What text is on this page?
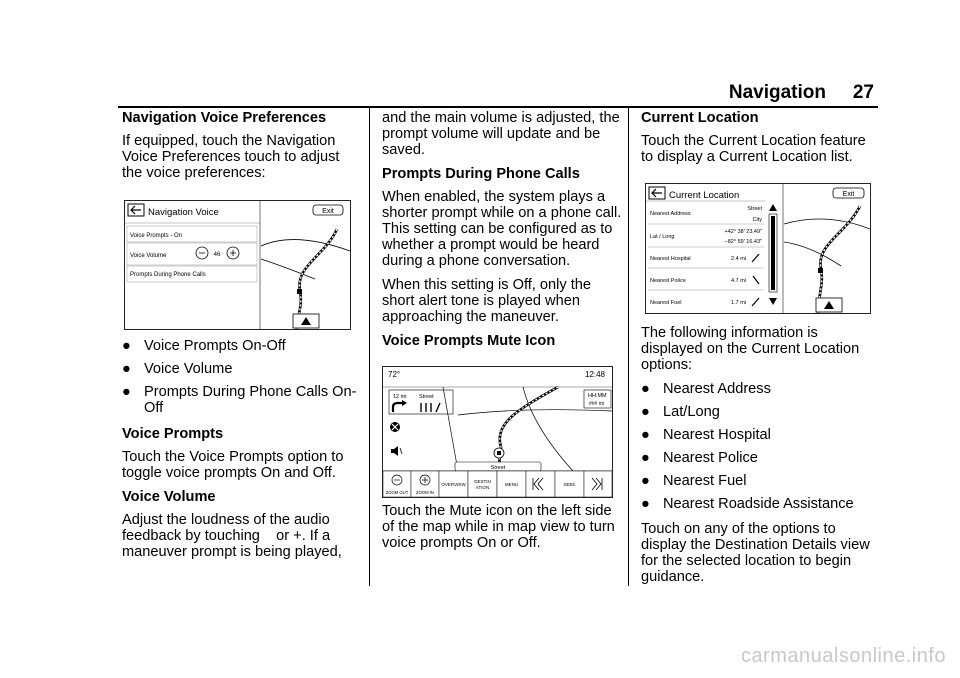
Navigation 27
Navigation Voice Preferences

If equipped, touch the Navigation Voice Preferences touch to adjust the voice preferences:

Navigation Voice	Exit
Voice Prompts - On
Voice Volume	46
Prompts During Phone Calls
● Voice Prompts On-Off
● Voice Volume
● Prompts During Phone Calls On-Off
Voice Prompts

Touch the Voice Prompts option to toggle voice prompts On and Off.

Voice Volume

Adjust the loudness of the audio feedback by touching    or +. If a maneuver prompt is being played,

and the main volume is adjusted, the prompt volume will update and be saved.

Prompts During Phone Calls

When enabled, the system plays a shorter prompt while on a phone call. This setting can be configured as to whether a prompt would be heard during a phone conversation.

When this setting is Off, only the short alert tone is played when approaching the maneuver.

Voice Prompts Mute Icon
72°	12:48
12 mi Street	HH:MM
### mi
Street
ZOOM OUT ZOOM IN
OVERVIEW
DESTIN
ATION
MENU	SEEK

Touch the Mute icon on the left side of the map while in map view to turn voice prompts On or Off.

Current Location

Touch the Current Location feature to display a Current Location list.

Current Location	Exit
Nearest Address
Street
City
Lat / Long
+42° 38' 23.49"
−82° 59' 16.43"
Nearest Hospital	2.4 mi
Nearest Police	4.7 mi
Nearest Fuel	1.7 mi

The following information is displayed on the Current Location options:

● Nearest Address
● Lat/Long
● Nearest Hospital
● Nearest Police
● Nearest Fuel
● Nearest Roadside Assistance

Touch on any of the options to display the Destination Details view for the selected location to begin guidance.

carmanualsonline.info
